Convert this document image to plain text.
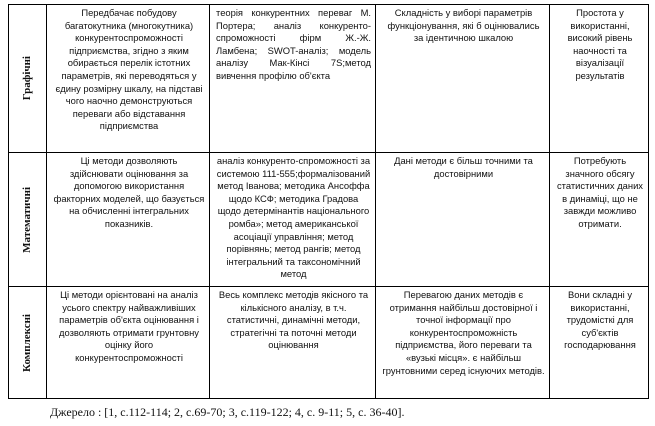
Графічні	Передбачає побудову багатокутника (многокутника) конкурентоспроможності підприємства, згідно з яким обирається перелік істотних параметрів, які переводяться у єдину розмірну шкалу, на підставі чого наочно демонструються переваги або відставання підприємства	теорія конкурентних переваг М. Портера; аналіз конкуренто-спроможності фірм Ж.-Ж. Ламбена; SWOT-аналіз; модель аналізу Мак-Кінсі 7S;метод вивчення профілю об'єкта	Складність у виборі параметрів функціонування, які б оцінювались за ідентичною шкалою	Простота у використанні, високий рівень наочності та візуалізації результатів

Математичні	Ці методи дозволяють здійснювати оцінювання за допомогою використання факторних моделей, що базується на обчисленні інтегральних показників.	аналіз конкуренто-спроможності за системою 111-555;формалізований метод Іванова; методика Ансоффа щодо КСФ; методика Градова щодо детермінантів національного ромба»; метод американської асоціації управління; метод порівнянь; метод рангів; метод інтегральний та таксономічний метод	Дані методи є більш точними та достовірними	Потребують значного обсягу статистичних даних в динаміці, що не завжди можливо отримати.

Комплексні	Ці методи орієнтовані на аналіз усього спектру найважливіших параметрів об'єкта оцінювання і дозволяють отримати грунтовну оцінку його конкурентоспроможності	Весь комплекс методів якісного та кількісного аналізу, в т.ч. статистичні, динамічні методи, стратегічні та поточні методи оцінювання	Перевагою даних методів є отримання найбільш достовірної і точної інформації про конкурентоспроможність підприємства, його переваги та «вузькі місця». є найбільш грунтовними серед існуючих методів.	Вони складні у використанні, трудомісткі для суб'єктів господарювання
Джерело : [1, с.112-114; 2, с.69-70; 3, с.119-122; 4, с. 9-11; 5, с. 36-40].
